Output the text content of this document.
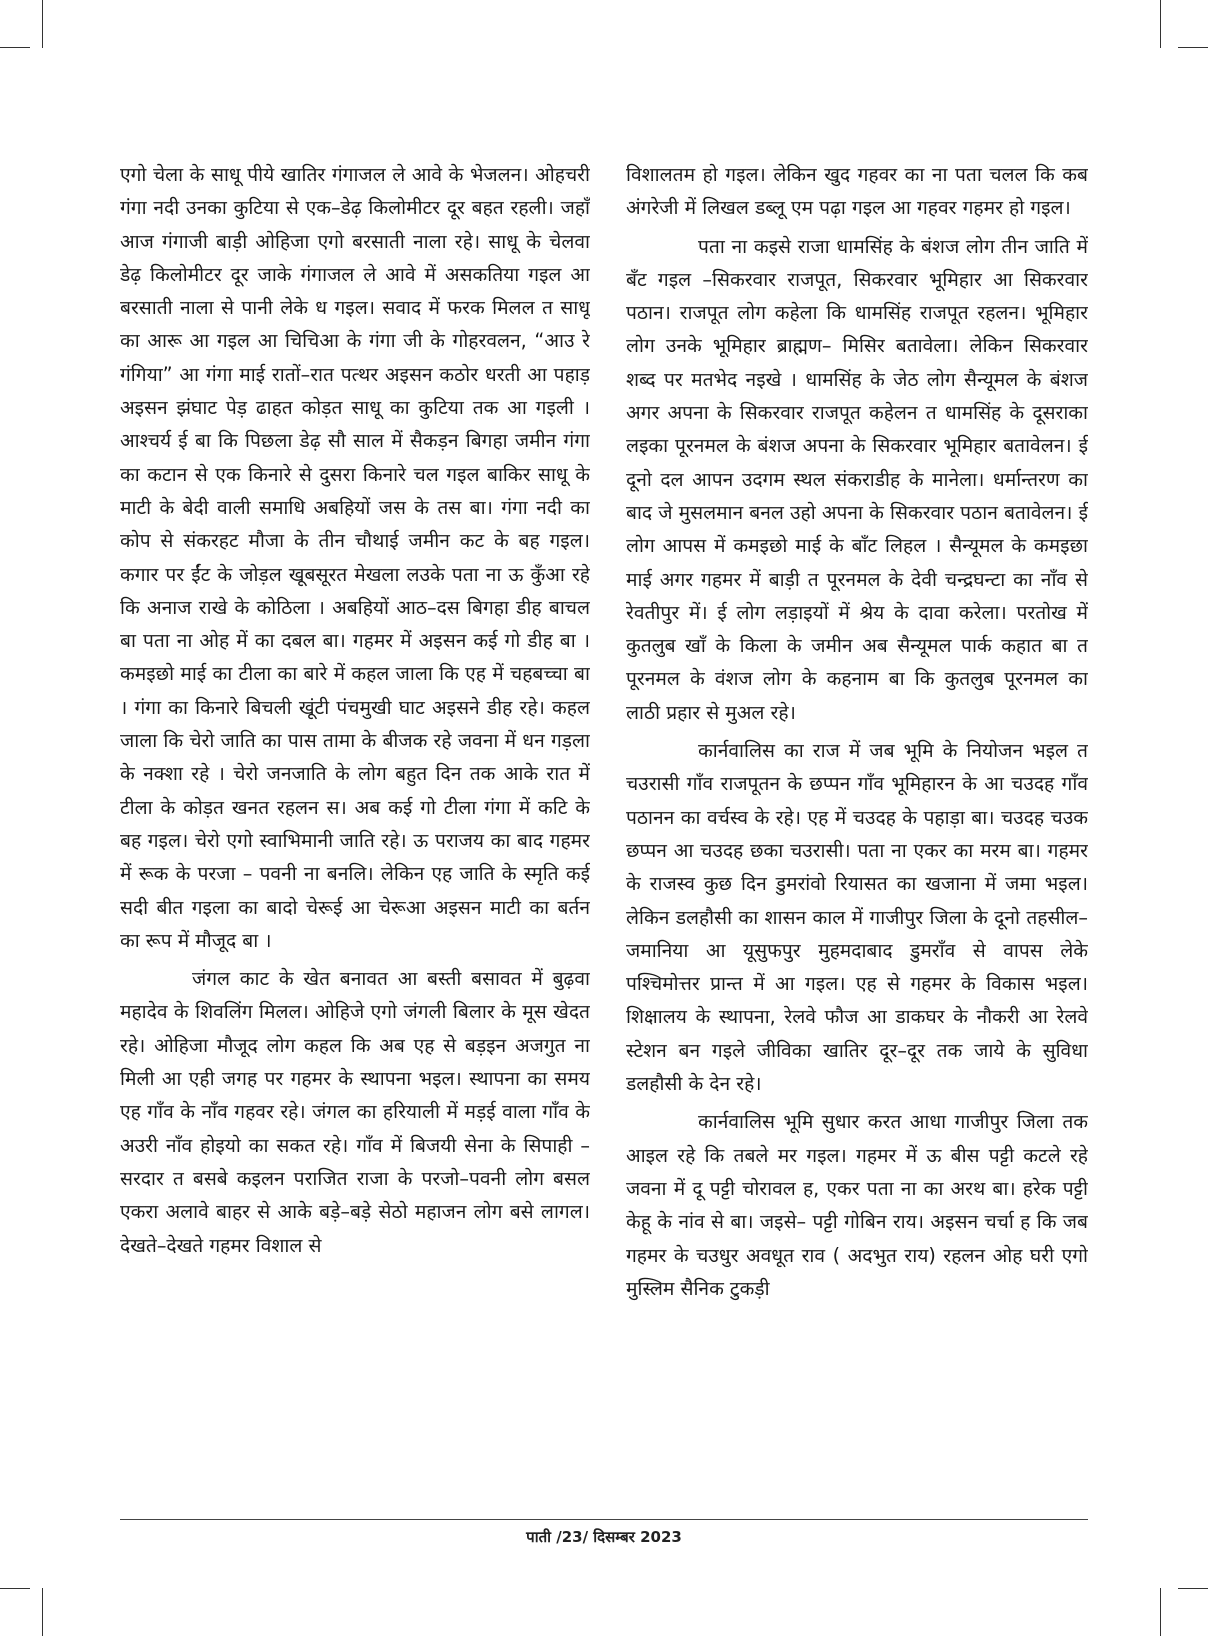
एगो चेला के साधू पीये खातिर गंगाजल ले आवे के भेजलन। ओहचरी गंगा नदी उनका कुटिया से एक–डेढ़ किलोमीटर दूर बहत रहली। जहाँ आज गंगाजी बाड़ी ओहिजा एगो बरसाती नाला रहे। साधू के चेलवा डेढ़ किलोमीटर दूर जाके गंगाजल ले आवे में असकतिया गइल आ बरसाती नाला से पानी लेके ध गइल। सवाद में फरक मिलल त साधू का आरू आ गइल आ चिचिआ के गंगा जी के गोहरवलन, “आउ रे गंगिया” आ गंगा माई रातों–रात पत्थर अइसन कठोर धरती आ पहाड़ अइसन झंघाट पेड़ ढाहत कोड़त साधू का कुटिया तक आ गइली । आश्चर्य ई बा कि पिछला डेढ़ सौ साल में सैकड़न बिगहा जमीन गंगा का कटान से एक किनारे से दुसरा किनारे चल गइल बाकिर साधू के माटी के बेदी वाली समाधि अबहियों जस के तस बा। गंगा नदी का कोप से संकरहट मौजा के तीन चौथाई जमीन कट के बह गइल। कगार पर ईंट के जोड़ल खूबसूरत मेखला लउके पता ना ऊ कुँआ रहे कि अनाज राखे के कोठिला । अबहियों आठ–दस बिगहा डीह बाचल बा पता ना ओह में का दबल बा। गहमर में अइसन कई गो डीह बा । कमइछो माई का टीला का बारे में कहल जाला कि एह में चहबच्चा बा । गंगा का किनारे बिचली खूंटी पंचमुखी घाट अइसने डीह रहे। कहल जाला कि चेरो जाति का पास तामा के बीजक रहे जवना में धन गड़ला के नक्शा रहे । चेरो जनजाति के लोग बहुत दिन तक आके रात में टीला के कोड़त खनत रहलन स। अब कई गो टीला गंगा में कटि के बह गइल। चेरो एगो स्वाभिमानी जाति रहे। ऊ पराजय का बाद गहमर में रूक के परजा – पवनी ना बनलि। लेकिन एह जाति के स्मृति कई सदी बीत गइला का बादो चेरूई आ चेरूआ अइसन माटी का बर्तन का रूप में मौजूद बा ।

जंगल काट के खेत बनावत आ बस्ती बसावत में बुढ़वा महादेव के शिवलिंग मिलल। ओहिजे एगो जंगली बिलार के मूस खेदत रहे। ओहिजा मौजूद लोग कहल कि अब एह से बड़इन अजगुत ना मिली आ एही जगह पर गहमर के स्थापना भइल। स्थापना का समय एह गाँव के नाँव गहवर रहे। जंगल का हरियाली में मड़ई वाला गाँव के अउरी नाँव होइयो का सकत रहे। गाँव में बिजयी सेना के सिपाही – सरदार त बसबे कइलन पराजित राजा के परजो–पवनी लोग बसल एकरा अलावे बाहर से आके बड़े–बड़े सेठो महाजन लोग बसे लागल। देखते–देखते गहमर विशाल से

विशालतम हो गइल। लेकिन खुद गहवर का ना पता चलल कि कब अंगरेजी में लिखल डब्लू एम पढ़ा गइल आ गहवर गहमर हो गइल।

पता ना कइसे राजा धामसिंह के बंशज लोग तीन जाति में बँट गइल –सिकरवार राजपूत, सिकरवार भूमिहार आ सिकरवार पठान। राजपूत लोग कहेला कि धामसिंह राजपूत रहलन। भूमिहार लोग उनके भूमिहार ब्राह्मण– मिसिर बतावेला। लेकिन सिकरवार शब्द पर मतभेद नइखे । धामसिंह के जेठ लोग सैन्यूमल के बंशज अगर अपना के सिकरवार राजपूत कहेलन त धामसिंह के दूसराका लइका पूरनमल के बंशज अपना के सिकरवार भूमिहार बतावेलन। ई दूनो दल आपन उदगम स्थल संकराडीह के मानेला। धर्मान्तरण का बाद जे मुसलमान बनल उहो अपना के सिकरवार पठान बतावेलन। ई लोग आपस में कमइछो माई के बाँट लिहल । सैन्यूमल के कमइछा माई अगर गहमर में बाड़ी त पूरनमल के देवी चन्द्रघन्टा का नाँव से रेवतीपुर में। ई लोग लड़ाइयों में श्रेय के दावा करेला। परतोख में कुतलुब खाँ के किला के जमीन अब सैन्यूमल पार्क कहात बा त पूरनमल के वंशज लोग के कहनाम बा कि कुतलुब पूरनमल का लाठी प्रहार से मुअल रहे।

कार्नवालिस का राज में जब भूमि के नियोजन भइल त चउरासी गाँव राजपूतन के छप्पन गाँव भूमिहारन के आ चउदह गाँव पठानन का वर्चस्व के रहे। एह में चउदह के पहाड़ा बा। चउदह चउक छप्पन आ चउदह छका चउरासी। पता ना एकर का मरम बा। गहमर के राजस्व कुछ दिन डुमरांवो रियासत का खजाना में जमा भइल। लेकिन डलहौसी का शासन काल में गाजीपुर जिला के दूनो तहसील– जमानिया आ यूसुफपुर मुहमदाबाद डुमराँव से वापस लेके पश्चिमोत्तर प्रान्त में आ गइल। एह से गहमर के विकास भइल। शिक्षालय के स्थापना, रेलवे फौज आ डाकघर के नौकरी आ रेलवे स्टेशन बन गइले जीविका खातिर दूर–दूर तक जाये के सुविधा डलहौसी के देन रहे।

कार्नवालिस भूमि सुधार करत आधा गाजीपुर जिला तक आइल रहे कि तबले मर गइल। गहमर में ऊ बीस पट्टी कटले रहे जवना में दू पट्टी चोरावल ह, एकर पता ना का अरथ बा। हरेक पट्टी केहू के नांव से बा। जइसे– पट्टी गोबिन राय। अइसन चर्चा ह कि जब गहमर के चउधुर अवधूत राव ( अदभुत राय) रहलन ओह घरी एगो मुस्लिम सैनिक टुकड़ी

पाती /23/ दिसम्बर 2023
